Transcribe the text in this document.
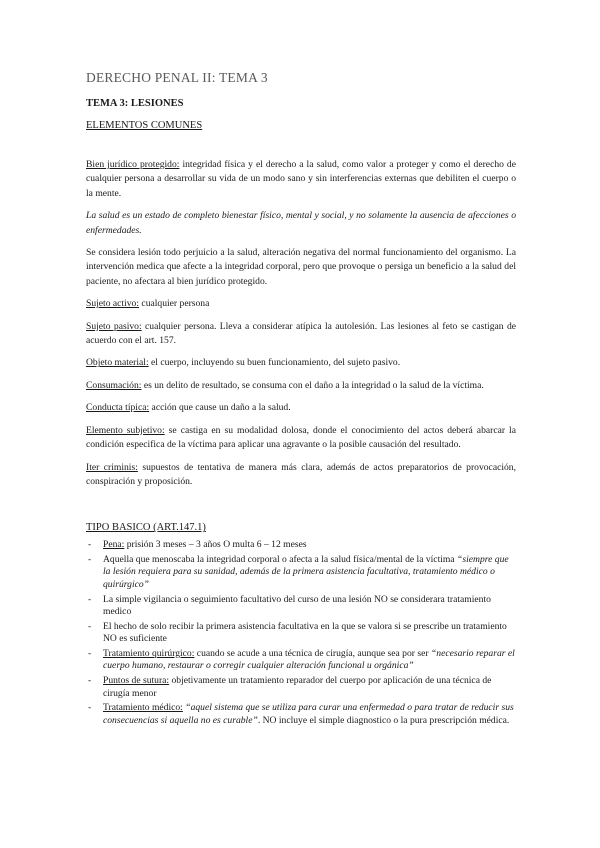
DERECHO PENAL II: TEMA 3
TEMA 3: LESIONES
ELEMENTOS COMUNES

Bien jurídico protegido: integridad física y el derecho a la salud, como valor a proteger y como el derecho de cualquier persona a desarrollar su vida de un modo sano y sin interferencias externas que debiliten el cuerpo o la mente.

La salud es un estado de completo bienestar físico, mental y social, y no solamente la ausencia de afecciones o enfermedades.

Se considera lesión todo perjuicio a la salud, alteración negativa del normal funcionamiento del organismo. La intervención medica que afecte a la integridad corporal, pero que provoque o persiga un beneficio a la salud del paciente, no afectara al bien jurídico protegido.

Sujeto activo: cualquier persona

Sujeto pasivo: cualquier persona. Lleva a considerar atípica la autolesión. Las lesiones al feto se castigan de acuerdo con el art. 157.

Objeto material: el cuerpo, incluyendo su buen funcionamiento, del sujeto pasivo.

Consumación: es un delito de resultado, se consuma con el daño a la integridad o la salud de la víctima.

Conducta típica: acción que cause un daño a la salud.

Elemento subjetivo: se castiga en su modalidad dolosa, donde el conocimiento del actos deberá abarcar la condición especifica de la víctima para aplicar una agravante o la posible causación del resultado.

Iter criminis: supuestos de tentativa de manera más clara, además de actos preparatorios de provocación, conspiración y proposición.

TIPO BASICO (ART.147.1)
- Pena: prisión 3 meses – 3 años O multa 6 – 12 meses
- Aquella que menoscaba la integridad corporal o afecta a la salud física/mental de la víctima “siempre que la lesión requiera para su sanidad, además de la primera asistencia facultativa, tratamiento médico o quirúrgico”
- La simple vigilancia o seguimiento facultativo del curso de una lesión NO se considerara tratamiento medico
- El hecho de solo recibir la primera asistencia facultativa en la que se valora si se prescribe un tratamiento NO es suficiente
- Tratamiento quirúrgico: cuando se acude a una técnica de cirugía, aunque sea por ser “necesario reparar el cuerpo humano, restaurar o corregir cualquier alteración funcional u orgánica”
- Puntos de sutura: objetivamente un tratamiento reparador del cuerpo por aplicación de una técnica de cirugía menor
- Tratamiento médico: “aquel sistema que se utiliza para curar una enfermedad o para tratar de reducir sus consecuencias si aquella no es curable”. NO incluye el simple diagnostico o la pura prescripción médica.
